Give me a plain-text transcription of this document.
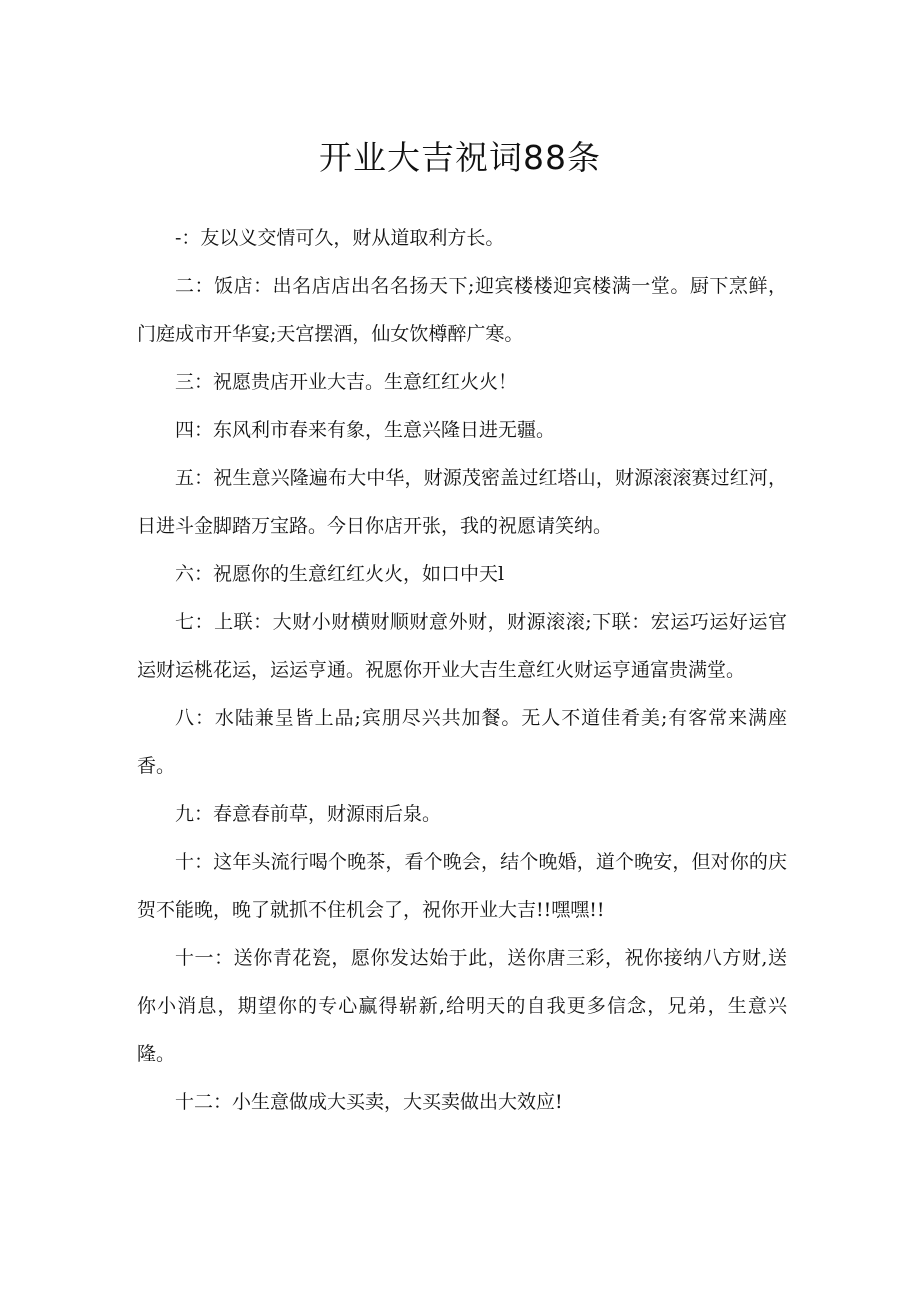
开业大吉祝词88条

-：友以义交情可久，财从道取利方长。

二：饭店：出名店店出名名扬天下;迎宾楼楼迎宾楼满一堂。厨下烹鲜，门庭成市开华宴;天宫摆酒，仙女饮樽醉广寒。

三：祝愿贵店开业大吉。生意红红火火！

四：东风利市春来有象，生意兴隆日进无疆。

五：祝生意兴隆遍布大中华，财源茂密盖过红塔山，财源滚滚赛过红河，日进斗金脚踏万宝路。今日你店开张，我的祝愿请笑纳。

六：祝愿你的生意红红火火，如口中天l

七：上联：大财小财横财顺财意外财，财源滚滚;下联：宏运巧运好运官运财运桃花运，运运亨通。祝愿你开业大吉生意红火财运亨通富贵满堂。

八：水陆兼呈皆上品;宾朋尽兴共加餐。无人不道佳肴美;有客常来满座香。

九：春意春前草，财源雨后泉。

十：这年头流行喝个晚茶，看个晚会，结个晚婚，道个晚安，但对你的庆贺不能晚，晚了就抓不住机会了，祝你开业大吉!!嘿嘿!!

十一：送你青花瓷，愿你发达始于此，送你唐三彩，祝你接纳八方财,送你小消息，期望你的专心赢得崭新,给明天的自我更多信念，兄弟，生意兴隆。

十二：小生意做成大买卖，大买卖做出大效应!
